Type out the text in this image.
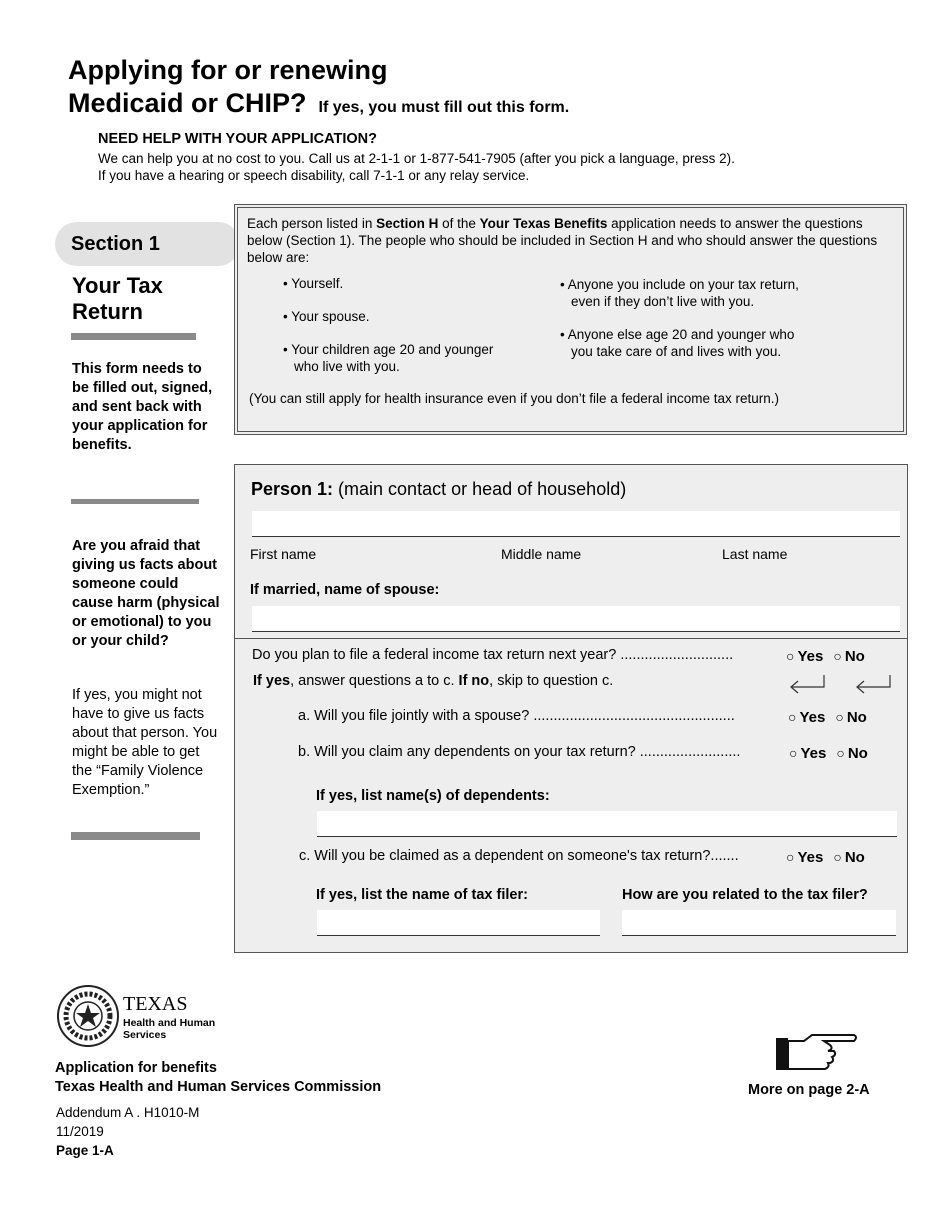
Applying for or renewing
Medicaid or CHIP? If yes, you must fill out this form.
NEED HELP WITH YOUR APPLICATION?
We can help you at no cost to you. Call us at 2-1-1 or 1-877-541-7905 (after you pick a language, press 2).
If you have a hearing or speech disability, call 7-1-1 or any relay service.
Section 1
Your Tax Return
This form needs to be filled out, signed, and sent back with your application for benefits.
Are you afraid that giving us facts about someone could cause harm (physical or emotional) to you or your child?
If yes, you might not have to give us facts about that person. You might be able to get the “Family Violence Exemption.”
Each person listed in Section H of the Your Texas Benefits application needs to answer the questions below (Section 1). The people who should be included in Section H and who should answer the questions below are:
• Yourself.
• Your spouse.
• Your children age 20 and younger who live with you.
• Anyone you include on your tax return, even if they don’t live with you.
• Anyone else age 20 and younger who you take care of and lives with you.
(You can still apply for health insurance even if you don’t file a federal income tax return.)
Person 1: (main contact or head of household)
First name	Middle name	Last name
If married, name of spouse:
Do you plan to file a federal income tax return next year? ............................	○ Yes ○ No
If yes, answer questions a to c. If no, skip to question c.
a. Will you file jointly with a spouse? ..................................................	○ Yes ○ No
b. Will you claim any dependents on your tax return? .........................	○ Yes ○ No
If yes, list name(s) of dependents:
c. Will you be claimed as a dependent on someone's tax return?.......	○ Yes ○ No
If yes, list the name of tax filer:	How are you related to the tax filer?
TEXAS
Health and Human
Services
Application for benefits
Texas Health and Human Services Commission
Addendum A . H1010-M
11/2019
Page 1-A
More on page 2-A
